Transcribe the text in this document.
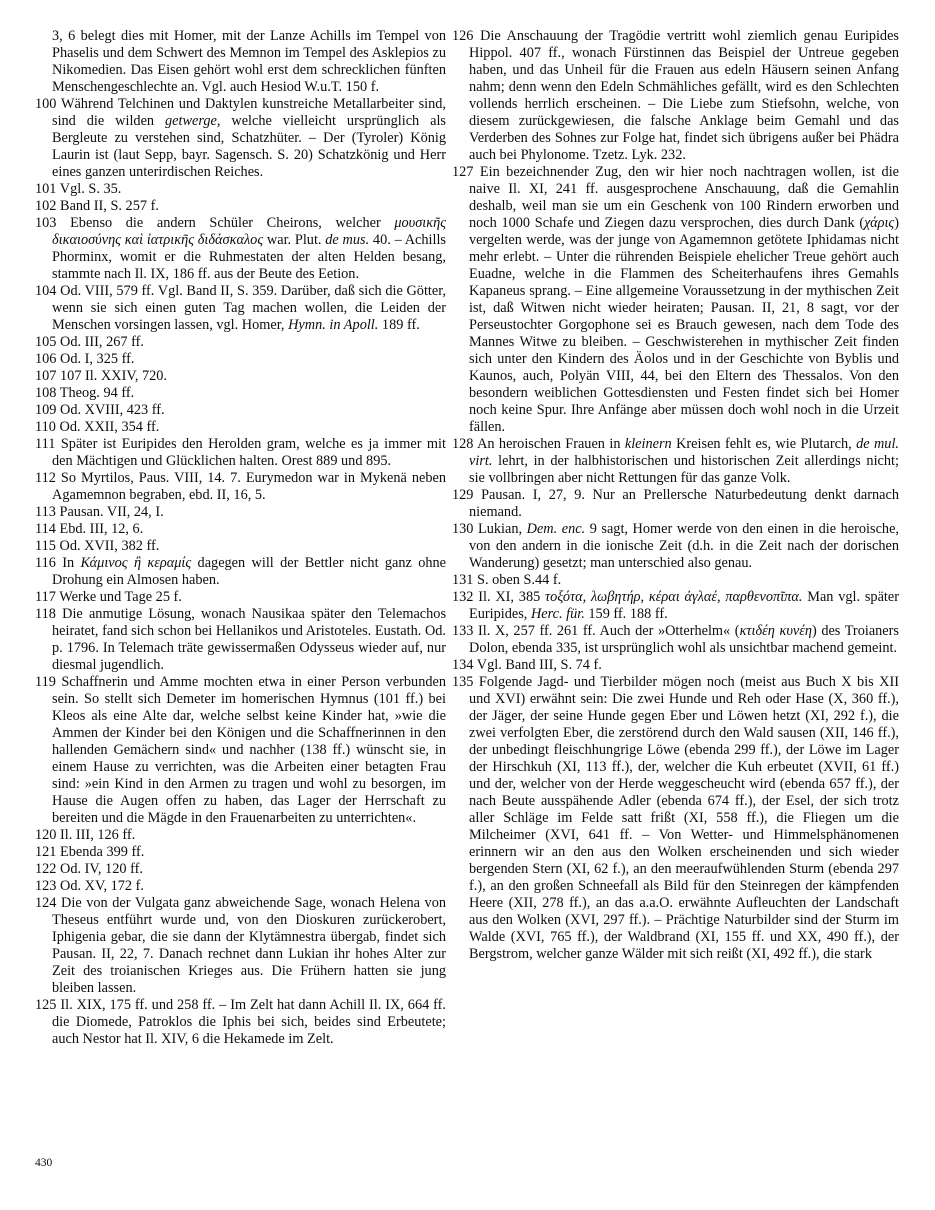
3, 6 belegt dies mit Homer, mit der Lanze Achills im Tempel von Phaselis und dem Schwert des Memnon im Tempel des Asklepios zu Nikomedien. Das Eisen gehört wohl erst dem schrecklichen fünften Menschengeschlechte an. Vgl. auch Hesiod W.u.T. 150 f.

100 Während Telchinen und Daktylen kunstreiche Metallarbeiter sind, sind die wilden getwerge, welche vielleicht ursprünglich als Bergleute zu verstehen sind, Schatzhüter. – Der (Tyroler) König Laurin ist (laut Sepp, bayr. Sagensch. S. 20) Schatzkönig und Herr eines ganzen unterirdischen Reiches.

101 Vgl. S. 35.

102 Band II, S. 257 f.

103 Ebenso die andern Schüler Cheirons, welcher μουσικῆς δικαιοσύνης καὶ ἰατρικῆς διδάσκαλος war. Plut. de mus. 40. – Achills Phorminx, womit er die Ruhmestaten der alten Helden besang, stammte nach Il. IX, 186 ff. aus der Beute des Eetion.

104 Od. VIII, 579 ff. Vgl. Band II, S. 359. Darüber, daß sich die Götter, wenn sie sich einen guten Tag machen wollen, die Leiden der Menschen vorsingen lassen, vgl. Homer, Hymn. in Apoll. 189 ff.

105 Od. III, 267 ff.

106 Od. I, 325 ff.

107 107 Il. XXIV, 720.

108 Theog. 94 ff.

109 Od. XVIII, 423 ff.

110 Od. XXII, 354 ff.

111 Später ist Euripides den Herolden gram, welche es ja immer mit den Mächtigen und Glücklichen halten. Orest 889 und 895.

112 So Myrtilos, Paus. VIII, 14. 7. Eurymedon war in Mykenä neben Agamemnon begraben, ebd. II, 16, 5.

113 Pausan. VII, 24, I.

114 Ebd. III, 12, 6.

115 Od. XVII, 382 ff.

116 In Κάμινος ἢ κεραμίς dagegen will der Bettler nicht ganz ohne Drohung ein Almosen haben.

117 Werke und Tage 25 f.

118 Die anmutige Lösung, wonach Nausikaa später den Telemachos heiratet, fand sich schon bei Hellanikos und Aristoteles. Eustath. Od. p. 1796. In Telemach träte gewissermaßen Odysseus wieder auf, nur diesmal jugendlich.

119 Schaffnerin und Amme mochten etwa in einer Person verbunden sein. So stellt sich Demeter im homerischen Hymnus (101 ff.) bei Kleos als eine Alte dar, welche selbst keine Kinder hat, »wie die Ammen der Kinder bei den Königen und die Schaffnerinnen in den hallenden Gemächern sind« und nachher (138 ff.) wünscht sie, in einem Hause zu verrichten, was die Arbeiten einer betagten Frau sind: »ein Kind in den Armen zu tragen und wohl zu besorgen, im Hause die Augen offen zu haben, das Lager der Herrschaft zu bereiten und die Mägde in den Frauenarbeiten zu unterrichten«.

120 Il. III, 126 ff.

121 Ebenda 399 ff.

122 Od. IV, 120 ff.

123 Od. XV, 172 f.

124 Die von der Vulgata ganz abweichende Sage, wonach Helena von Theseus entführt wurde und, von den Dioskuren zurückerobert, Iphigenia gebar, die sie dann der Klytämnestra übergab, findet sich Pausan. II, 22, 7. Danach rechnet dann Lukian ihr hohes Alter zur Zeit des troianischen Krieges aus. Die Frühern hatten sie jung bleiben lassen.

125 Il. XIX, 175 ff. und 258 ff. – Im Zelt hat dann Achill Il. IX, 664 ff. die Diomede, Patroklos die Iphis bei sich, beides sind Erbeutete; auch Nestor hat Il. XIV, 6 die Hekamede im Zelt.

126 Die Anschauung der Tragödie vertritt wohl ziemlich genau Euripides Hippol. 407 ff., wonach Fürstinnen das Beispiel der Untreue gegeben haben, und das Unheil für die Frauen aus edeln Häusern seinen Anfang nahm; denn wenn den Edeln Schmähliches gefällt, wird es den Schlechten vollends herrlich erscheinen. – Die Liebe zum Stiefsohn, welche, von diesem zurückgewiesen, die falsche Anklage beim Gemahl und das Verderben des Sohnes zur Folge hat, findet sich übrigens außer bei Phädra auch bei Phylonome. Tzetz. Lyk. 232.

127 Ein bezeichnender Zug, den wir hier noch nachtragen wollen, ist die naive Il. XI, 241 ff. ausgesprochene Anschauung, daß die Gemahlin deshalb, weil man sie um ein Geschenk von 100 Rindern erworben und noch 1000 Schafe und Ziegen dazu versprochen, dies durch Dank (χάρις) vergelten werde, was der junge von Agamemnon getötete Iphidamas nicht mehr erlebt. – Unter die rührenden Beispiele ehelicher Treue gehört auch Euadne, welche in die Flammen des Scheiterhaufens ihres Gemahls Kapaneus sprang. – Eine allgemeine Voraussetzung in der mythischen Zeit ist, daß Witwen nicht wieder heiraten; Pausan. II, 21, 8 sagt, vor der Perseustochter Gorgophone sei es Brauch gewesen, nach dem Tode des Mannes Witwe zu bleiben. – Geschwisterehen in mythischer Zeit finden sich unter den Kindern des Äolos und in der Geschichte von Byblis und Kaunos, auch, Polyän VIII, 44, bei den Eltern des Thessalos. Von den besondern weiblichen Gottesdiensten und Festen findet sich bei Homer noch keine Spur. Ihre Anfänge aber müssen doch wohl noch in die Urzeit fällen.

128 An heroischen Frauen in kleinern Kreisen fehlt es, wie Plutarch, de mul. virt. lehrt, in der halbhistorischen und historischen Zeit allerdings nicht; sie vollbringen aber nicht Rettungen für das ganze Volk.

129 Pausan. I, 27, 9. Nur an Prellersche Naturbedeutung denkt darnach niemand.

130 Lukian, Dem. enc. 9 sagt, Homer werde von den einen in die heroische, von den andern in die ionische Zeit (d.h. in die Zeit nach der dorischen Wanderung) gesetzt; man unterschied also genau.

131 S. oben S.44 f.

132 Il. XI, 385 τοξότα, λωβητήρ, κέραι ἀγλαέ, παρθενοπῖπα. Man vgl. später Euripides, Herc. für. 159 ff. 188 ff.

133 Il. X, 257 ff. 261 ff. Auch der »Otterhelm« (κτιδέη κυνέη) des Troianers Dolon, ebenda 335, ist ursprünglich wohl als unsichtbar machend gemeint.

134 Vgl. Band III, S. 74 f.

135 Folgende Jagd- und Tierbilder mögen noch (meist aus Buch X bis XII und XVI) erwähnt sein: Die zwei Hunde und Reh oder Hase (X, 360 ff.), der Jäger, der seine Hunde gegen Eber und Löwen hetzt (XI, 292 f.), die zwei verfolgten Eber, die zerstörend durch den Wald sausen (XII, 146 ff.), der unbedingt fleischhungrige Löwe (ebenda 299 ff.), der Löwe im Lager der Hirschkuh (XI, 113 ff.), der, welcher die Kuh erbeutet (XVII, 61 ff.) und der, welcher von der Herde weggescheucht wird (ebenda 657 ff.), der nach Beute ausspähende Adler (ebenda 674 ff.), der Esel, der sich trotz aller Schläge im Felde satt frißt (XI, 558 ff.), die Fliegen um die Milcheimer (XVI, 641 ff. – Von Wetter- und Himmelsphänomenen erinnern wir an den aus den Wolken erscheinenden und sich wieder bergenden Stern (XI, 62 f.), an den meeraufwühlenden Sturm (ebenda 297 f.), an den großen Schneefall als Bild für den Steinregen der kämpfenden Heere (XII, 278 ff.), an das a.a.O. erwähnte Aufleuchten der Landschaft aus den Wolken (XVI, 297 ff.). – Prächtige Naturbilder sind der Sturm im Walde (XVI, 765 ff.), der Waldbrand (XI, 155 ff. und XX, 490 ff.), der Bergstrom, welcher ganze Wälder mit sich reißt (XI, 492 ff.), die stark

430
